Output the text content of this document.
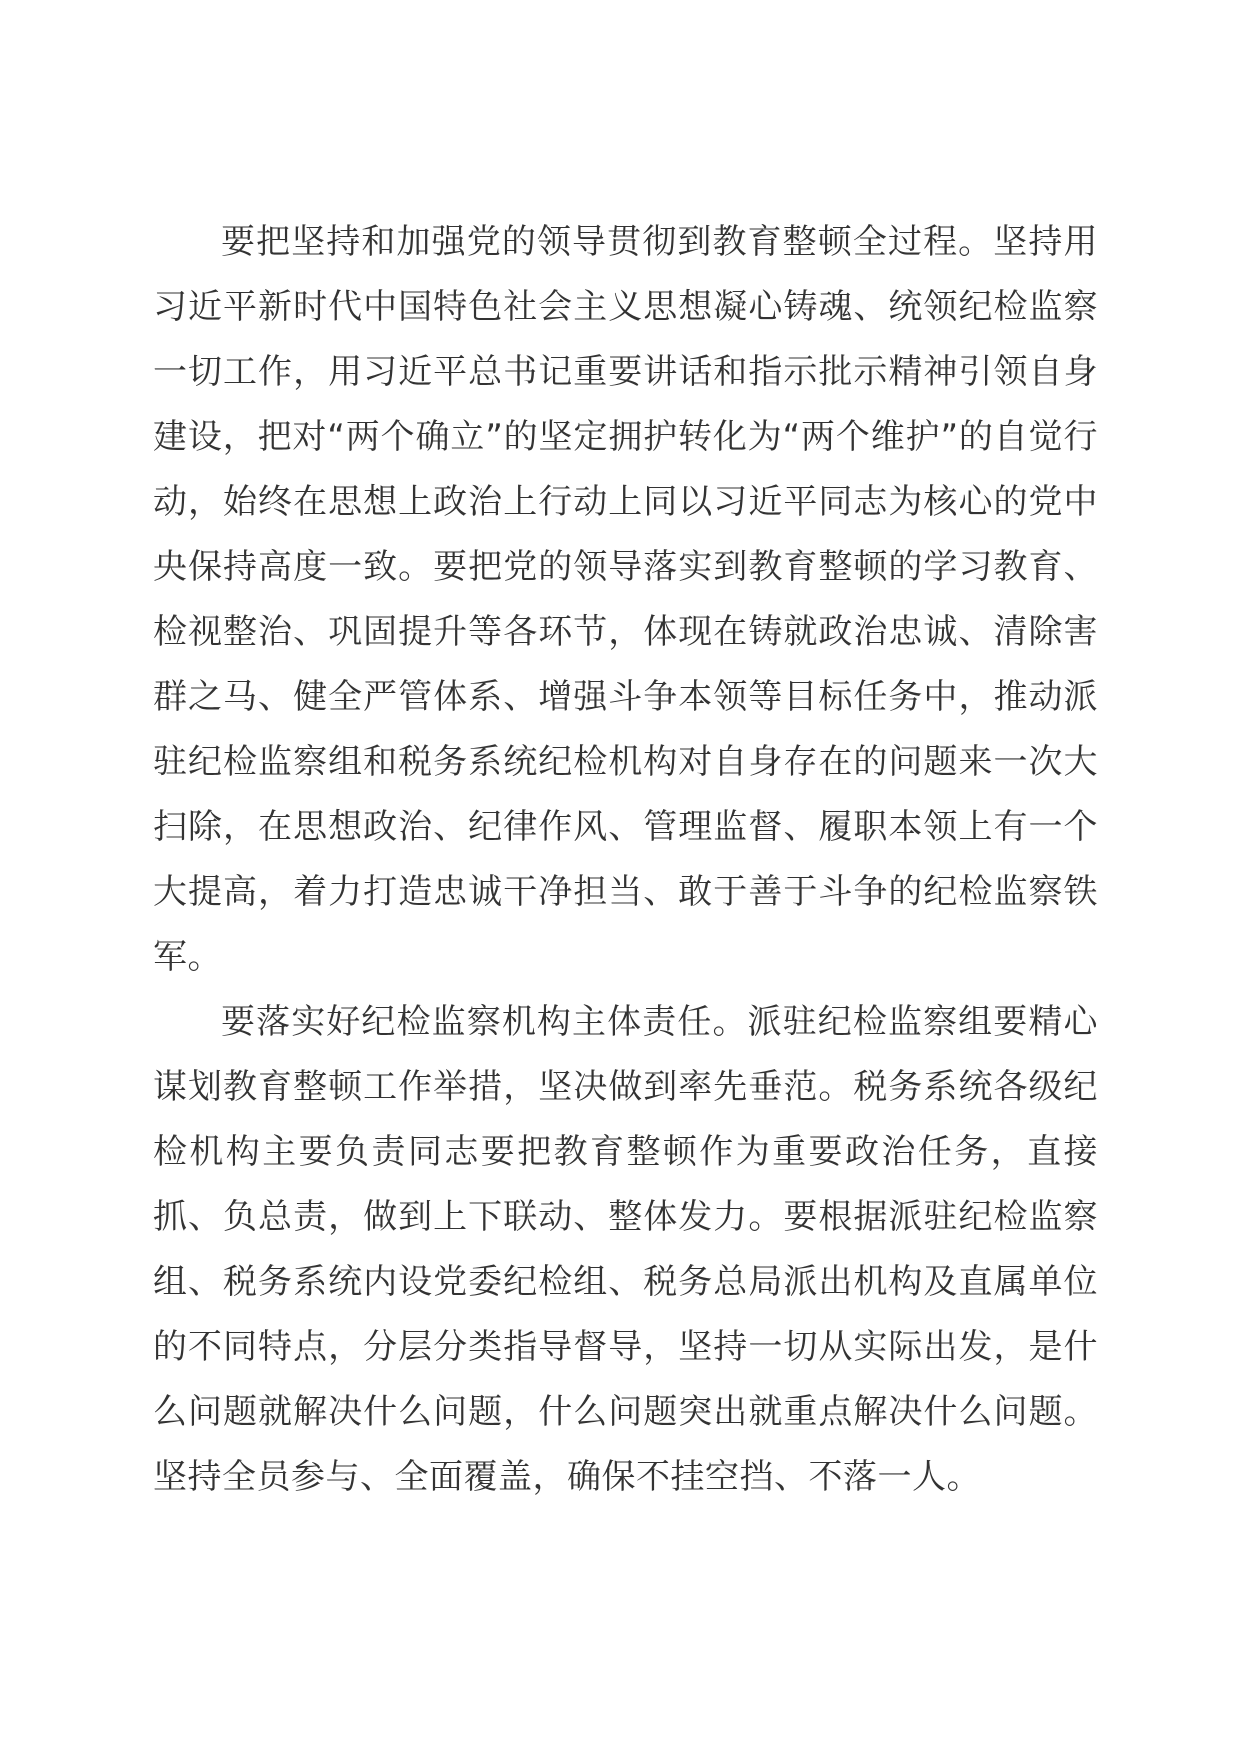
要把坚持和加强党的领导贯彻到教育整顿全过程。坚持用习近平新时代中国特色社会主义思想凝心铸魂、统领纪检监察一切工作，用习近平总书记重要讲话和指示批示精神引领自身建设，把对“两个确立”的坚定拥护转化为“两个维护”的自觉行动，始终在思想上政治上行动上同以习近平同志为核心的党中央保持高度一致。要把党的领导落实到教育整顿的学习教育、检视整治、巩固提升等各环节，体现在铸就政治忠诚、清除害群之马、健全严管体系、增强斗争本领等目标任务中，推动派驻纪检监察组和税务系统纪检机构对自身存在的问题来一次大扫除，在思想政治、纪律作风、管理监督、履职本领上有一个大提高，着力打造忠诚干净担当、敢于善于斗争的纪检监察铁军。

要落实好纪检监察机构主体责任。派驻纪检监察组要精心谋划教育整顿工作举措，坚决做到率先垂范。税务系统各级纪检机构主要负责同志要把教育整顿作为重要政治任务，直接抓、负总责，做到上下联动、整体发力。要根据派驻纪检监察组、税务系统内设党委纪检组、税务总局派出机构及直属单位的不同特点，分层分类指导督导，坚持一切从实际出发，是什么问题就解决什么问题，什么问题突出就重点解决什么问题。坚持全员参与、全面覆盖，确保不挂空挡、不落一人。
